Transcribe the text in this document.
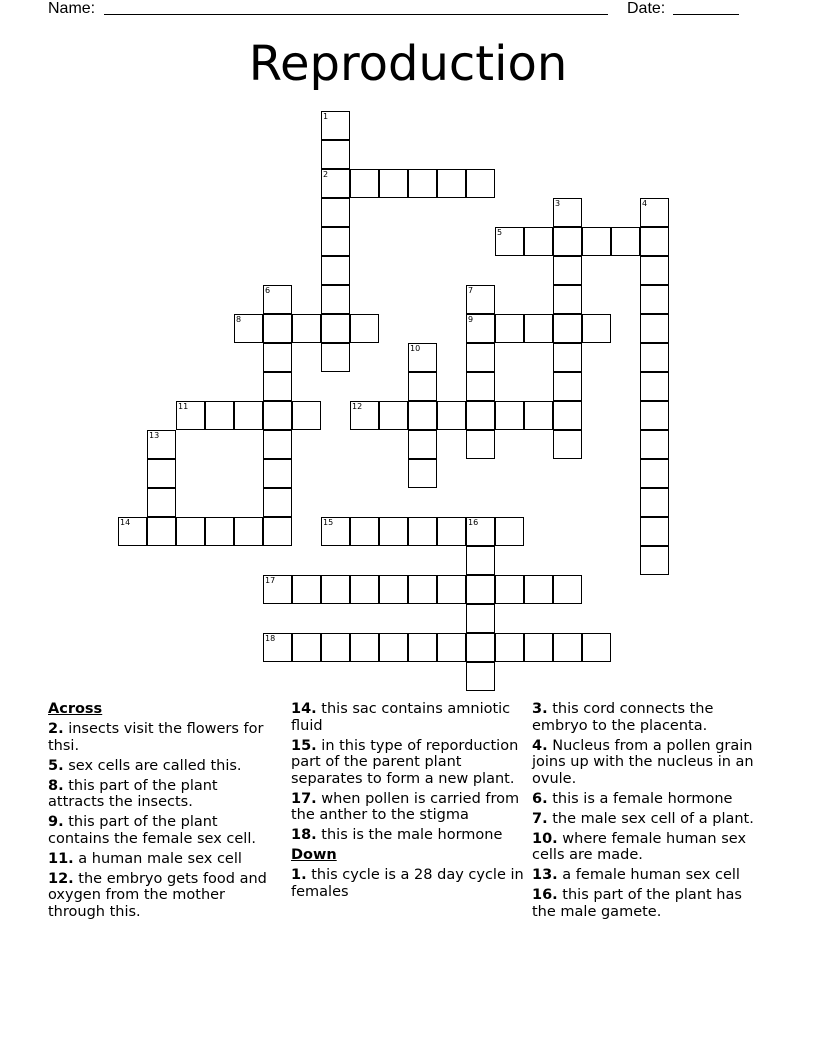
Name:	Date:
Reproduction
1
2
3	4
5
6	7
9
8
10
11	12
13
14	15	16
17
18
Across
2. insects visit the flowers for thsi.
5. sex cells are called this.
8. this part of the plant attracts the insects.
9. this part of the plant contains the female sex cell.
11. a human male sex cell
12. the embryo gets food and oxygen from the mother through this.
14. this sac contains amniotic fluid
15. in this type of reporduction part of the parent plant separates to form a new plant.
17. when pollen is carried from the anther to the stigma
18. this is the male hormone
Down
1. this cycle is a 28 day cycle in females
3. this cord connects the embryo to the placenta.
4. Nucleus from a pollen grain joins up with the nucleus in an ovule.
6. this is a female hormone
7. the male sex cell of a plant.
10. where female human sex cells are made.
13. a female human sex cell
16. this part of the plant has the male gamete.
